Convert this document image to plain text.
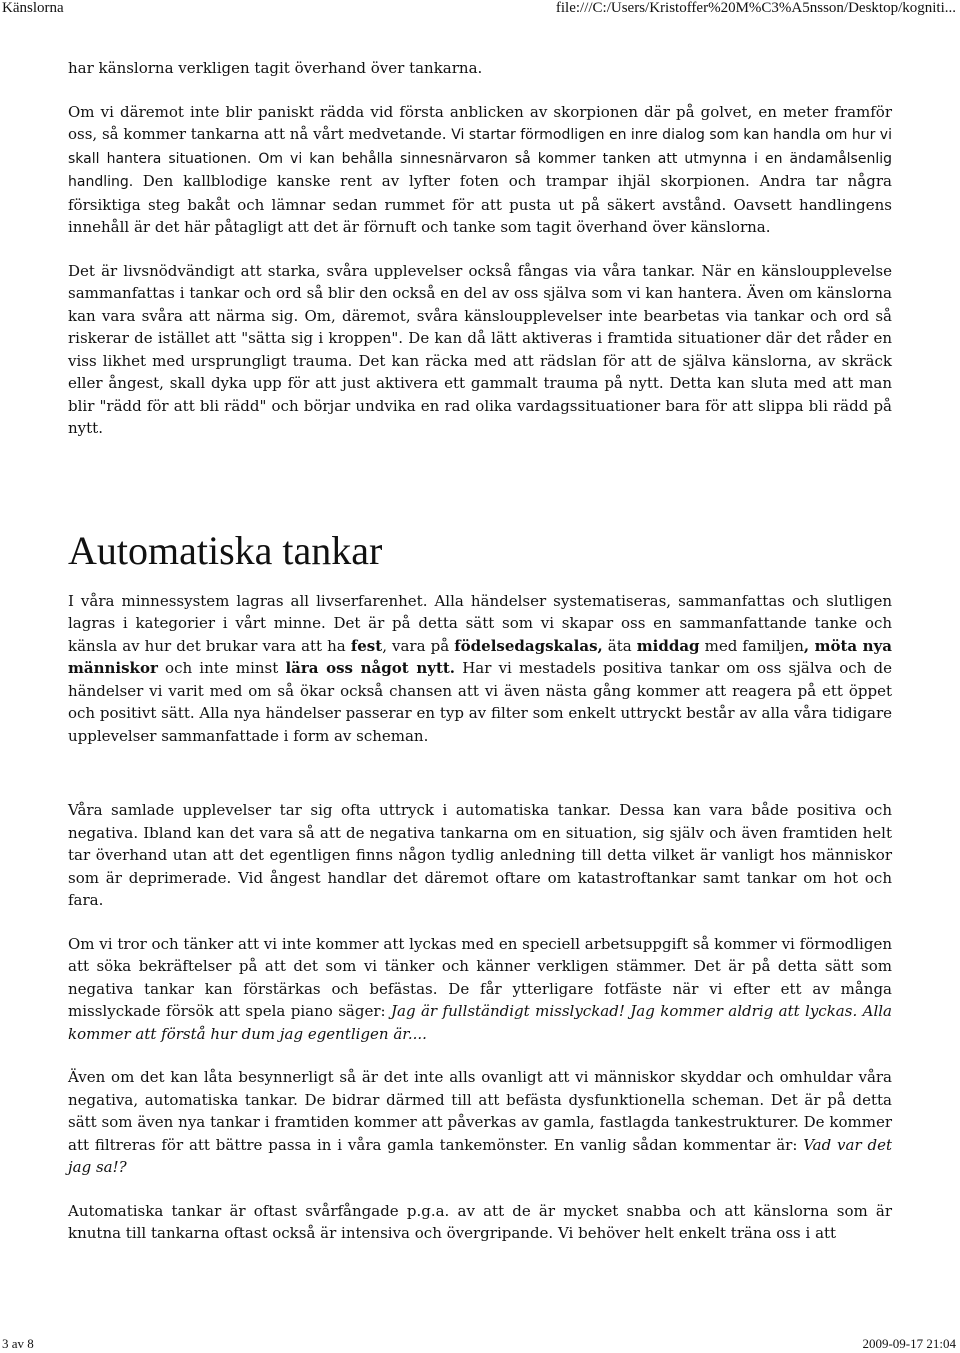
Känslorna	file:///C:/Users/Kristoffer%20M%C3%A5nsson/Desktop/kogniti...

har känslorna verkligen tagit överhand över tankarna.

Om vi däremot inte blir paniskt rädda vid första anblicken av skorpionen där på golvet, en meter framför oss, så kommer tankarna att nå vårt medvetande. Vi startar förmodligen en inre dialog som kan handla om hur vi skall hantera situationen. Om vi kan behålla sinnesnärvaron så kommer tanken att utmynna i en ändamålsenlig handling. Den kallblodige kanske rent av lyfter foten och trampar ihjäl skorpionen. Andra tar några försiktiga steg bakåt och lämnar sedan rummet för att pusta ut på säkert avstånd. Oavsett handlingens innehåll är det här påtagligt att det är förnuft och tanke som tagit överhand över känslorna.

Det är livsnödvändigt att starka, svåra upplevelser också fångas via våra tankar. När en känsloupplevelse sammanfattas i tankar och ord så blir den också en del av oss själva som vi kan hantera. Även om känslorna kan vara svåra att närma sig. Om, däremot, svåra känsloupplevelser inte bearbetas via tankar och ord så riskerar de istället att "sätta sig i kroppen". De kan då lätt aktiveras i framtida situationer där det råder en viss likhet med ursprungligt trauma. Det kan räcka med att rädslan för att de själva känslorna, av skräck eller ångest, skall dyka upp för att just aktivera ett gammalt trauma på nytt. Detta kan sluta med att man blir "rädd för att bli rädd" och börjar undvika en rad olika vardagssituationer bara för att slippa bli rädd på nytt.

Automatiska tankar

I våra minnessystem lagras all livserfarenhet. Alla händelser systematiseras, sammanfattas och slutligen lagras i kategorier i vårt minne. Det är på detta sätt som vi skapar oss en sammanfattande tanke och känsla av hur det brukar vara att ha fest, vara på födelsedagskalas, äta middag med familjen, möta nya människor och inte minst lära oss något nytt. Har vi mestadels positiva tankar om oss själva och de händelser vi varit med om så ökar också chansen att vi även nästa gång kommer att reagera på ett öppet och positivt sätt. Alla nya händelser passerar en typ av filter som enkelt uttryckt består av alla våra tidigare upplevelser sammanfattade i form av scheman.

Våra samlade upplevelser tar sig ofta uttryck i automatiska tankar. Dessa kan vara både positiva och negativa. Ibland kan det vara så att de negativa tankarna om en situation, sig själv och även framtiden helt tar överhand utan att det egentligen finns någon tydlig anledning till detta vilket är vanligt hos människor som är deprimerade. Vid ångest handlar det däremot oftare om katastroftankar samt tankar om hot och fara.

Om vi tror och tänker att vi inte kommer att lyckas med en speciell arbetsuppgift så kommer vi förmodligen att söka bekräftelser på att det som vi tänker och känner verkligen stämmer. Det är på detta sätt som negativa tankar kan förstärkas och befästas. De får ytterligare fotfäste när vi efter ett av många misslyckade försök att spela piano säger: Jag är fullständigt misslyckad! Jag kommer aldrig att lyckas. Alla kommer att förstå hur dum jag egentligen är....

Även om det kan låta besynnerligt så är det inte alls ovanligt att vi människor skyddar och omhuldar våra negativa, automatiska tankar. De bidrar därmed till att befästa dysfunktionella scheman. Det är på detta sätt som även nya tankar i framtiden kommer att påverkas av gamla, fastlagda tankestrukturer. De kommer att filtreras för att bättre passa in i våra gamla tankemönster. En vanlig sådan kommentar är: Vad var det jag sa!?

Automatiska tankar är oftast svårfångade p.g.a. av att de är mycket snabba och att känslorna som är knutna till tankarna oftast också är intensiva och övergripande. Vi behöver helt enkelt träna oss i att

3 av 8	2009-09-17 21:04
